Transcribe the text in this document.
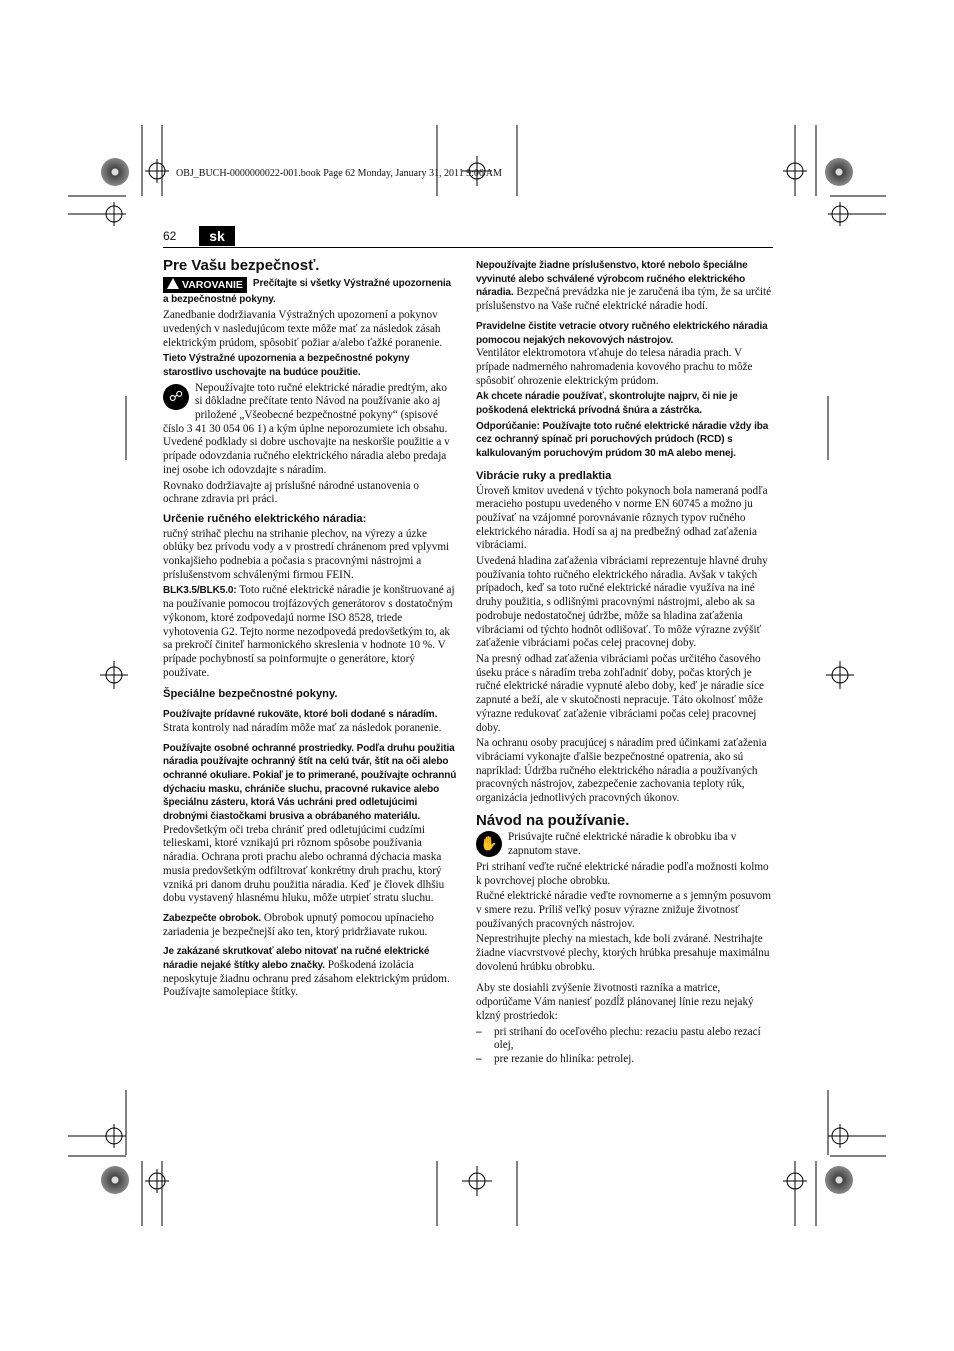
OBJ_BUCH-0000000022-001.book Page 62 Monday, January 31, 2011 9:06 AM
62	sk
Pre Vašu bezpečnosť.
VAROVANIE Prečítajte si všetky Výstražné upozornenia a bezpečnostné pokyny.

Zanedbanie dodržiavania Výstražných upozornení a pokynov uvedených v nasledujúcom texte môže mať za následok zásah elektrickým prúdom, spôsobiť požiar a/alebo ťažké poranenie.

Tieto Výstražné upozornenia a bezpečnostné pokyny starostlivo uschovajte na budúce použitie.

☍

Nepoužívajte toto ručné elektrické náradie predtým, ako si dôkladne prečítate tento Návod na používanie ako aj priložené „Všeobecné bezpečnostné pokyny“ (spisové číslo 3 41 30 054 06 1) a kým úplne neporozumiete ich obsahu. Uvedené podklady si dobre uschovajte na neskoršie použitie a v prípade odovzdania ručného elektrického náradia alebo predaja inej osobe ich odovzdajte s náradím.

Rovnako dodržiavajte aj príslušné národné ustanovenia o ochrane zdravia pri práci.

Určenie ručného elektrického náradia:

ručný strihač plechu na strihanie plechov, na výrezy a úzke oblúky bez prívodu vody a v prostredí chránenom pred vplyvmi vonkajšieho podnebia a počasia s pracovnými nástrojmi a príslušenstvom schválenými firmou FEIN.

BLK3.5/BLK5.0: Toto ručné elektrické náradie je konštruované aj na používanie pomocou trojfázových generátorov s dostatočným výkonom, ktoré zodpovedajú norme ISO 8528, triede vyhotovenia G2. Tejto norme nezodpovedá predovšetkým to, ak sa prekročí činiteľ harmonického skreslenia v hodnote 10 %. V prípade pochybností sa poinformujte o generátore, ktorý používate.

Špeciálne bezpečnostné pokyny.

Používajte prídavné rukoväte, ktoré boli dodané s náradím. Strata kontroly nad náradím môže mať za následok poranenie.

Používajte osobné ochranné prostriedky. Podľa druhu použitia náradia používajte ochranný štít na celú tvár, štít na oči alebo ochranné okuliare. Pokiaľ je to primerané, používajte ochrannú dýchaciu masku, chrániče sluchu, pracovné rukavice alebo špeciálnu zásteru, ktorá Vás uchráni pred odletujúcimi drobnými čiastočkami brusiva a obrábaného materiálu. Predovšetkým oči treba chrániť pred odletujúcimi cudzími telieskami, ktoré vznikajú pri rôznom spôsobe používania náradia. Ochrana proti prachu alebo ochranná dýchacia maska musia predovšetkým odfiltrovať konkrétny druh prachu, ktorý vzniká pri danom druhu použitia náradia. Keď je človek dlhšiu dobu vystavený hlasnému hluku, môže utrpieť stratu sluchu.

Zabezpečte obrobok. Obrobok upnutý pomocou upínacieho zariadenia je bezpečnejší ako ten, ktorý pridržiavate rukou.

Je zakázané skrutkovať alebo nitovať na ručné elektrické náradie nejaké štítky alebo značky. Poškodená izolácia neposkytuje žiadnu ochranu pred zásahom elektrickým prúdom. Používajte samolepiace štítky.

Nepoužívajte žiadne príslušenstvo, ktoré nebolo špeciálne vyvinuté alebo schválené výrobcom ručného elektrického náradia. Bezpečná prevádzka nie je zaručená iba tým, že sa určité príslušenstvo na Vaše ručné elektrické náradie hodí.

Pravidelne čistite vetracie otvory ručného elektrického náradia pomocou nejakých nekovových nástrojov.
Ventilátor elektromotora vťahuje do telesa náradia prach. V prípade nadmerného nahromadenia kovového prachu to môže spôsobiť ohrozenie elektrickým prúdom.

Ak chcete náradie používať, skontrolujte najprv, či nie je poškodená elektrická prívodná šnúra a zástrčka.

Odporúčanie: Používajte toto ručné elektrické náradie vždy iba cez ochranný spínač pri poruchových prúdoch (RCD) s kalkulovaným poruchovým prúdom 30 mA alebo menej.

Vibrácie ruky a predlaktia

Úroveň kmitov uvedená v týchto pokynoch bola nameraná podľa meracieho postupu uvedeného v norme EN 60745 a možno ju používať na vzájomné porovnávanie rôznych typov ručného elektrického náradia. Hodí sa aj na predbežný odhad zaťaženia vibráciami.

Uvedená hladina zaťaženia vibráciami reprezentuje hlavné druhy používania tohto ručného elektrického náradia. Avšak v takých prípadoch, keď sa toto ručné elektrické náradie využíva na iné druhy použitia, s odlišnými pracovnými nástrojmi, alebo ak sa podrobuje nedostatočnej údržbe, môže sa hladina zaťaženia vibráciami od týchto hodnôt odlišovať. To môže výrazne zvýšiť zaťaženie vibráciami počas celej pracovnej doby.

Na presný odhad zaťaženia vibráciami počas určitého časového úseku práce s náradím treba zohľadniť doby, počas ktorých je ručné elektrické náradie vypnuté alebo doby, keď je náradie síce zapnuté a beží, ale v skutočnosti nepracuje. Táto okolnosť môže výrazne redukovať zaťaženie vibráciami počas celej pracovnej doby.

Na ochranu osoby pracujúcej s náradím pred účinkami zaťaženia vibráciami vykonajte ďalšie bezpečnostné opatrenia, ako sú napríklad: Údržba ručného elektrického náradia a používaných pracovných nástrojov, zabezpečenie zachovania teploty rúk, organizácia jednotlivých pracovných úkonov.

Návod na používanie.
✋ Prisúvajte ručné elektrické náradie k obrobku iba v zapnutom stave.

Pri strihaní veďte ručné elektrické náradie podľa možnosti kolmo k povrchovej ploche obrobku.

Ručné elektrické náradie veďte rovnomerne a s jemným posuvom v smere rezu. Príliš veľký posuv výrazne znižuje životnosť používaných pracovných nástrojov.

Neprestrihujte plechy na miestach, kde boli zvárané. Nestrihajte žiadne viacvrstvové plechy, ktorých hrúbka presahuje maximálnu dovolenú hrúbku obrobku.

Aby ste dosiahli zvýšenie životnosti razníka a matrice, odporúčame Vám naniesť pozdĺž plánovanej línie rezu nejaký klzný prostriedok:

– pri strihaní do oceľového plechu: rezaciu pastu alebo rezací olej,
– pre rezanie do hliníka: petrolej.
